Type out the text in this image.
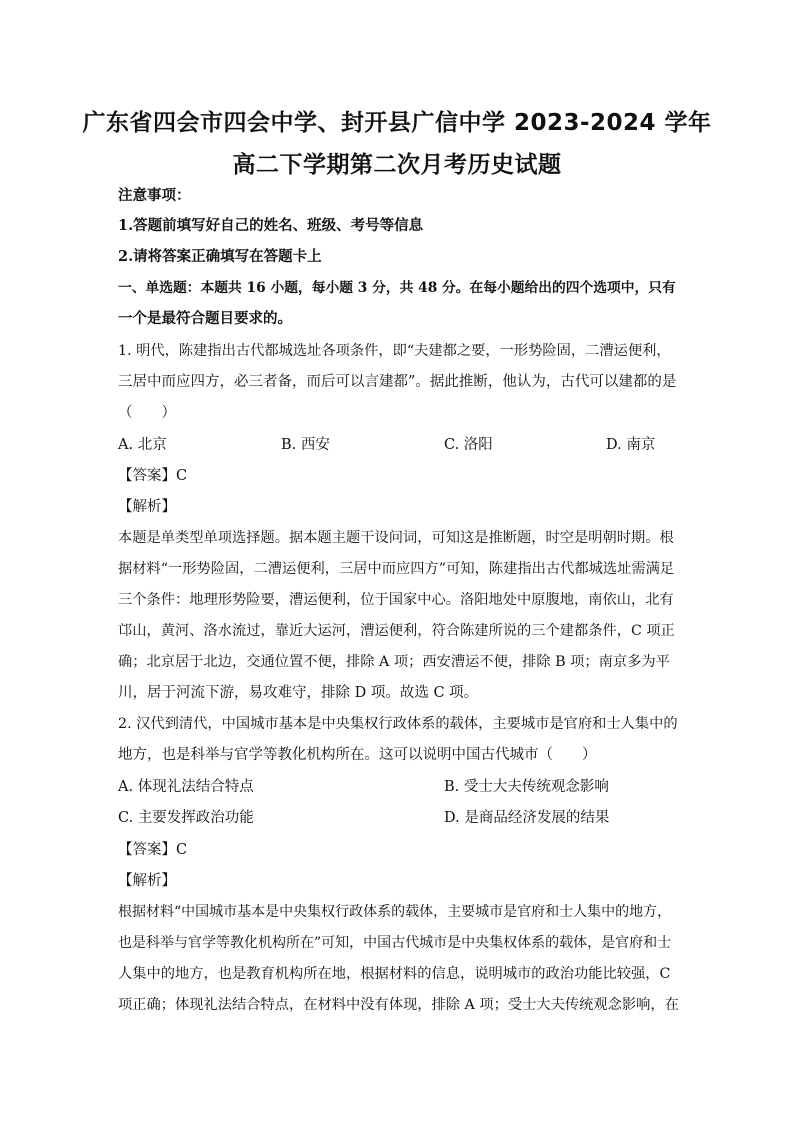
广东省四会市四会中学、封开县广信中学 2023-2024 学年
高二下学期第二次月考历史试题
注意事项：
1.答题前填写好自己的姓名、班级、考号等信息
2.请将答案正确填写在答题卡上
一、单选题：本题共 16 小题，每小题 3 分，共 48 分。在每小题给出的四个选项中，只有
一个是最符合题目要求的。
1. 明代，陈建指出古代都城选址各项条件，即“夫建都之要，一形势险固，二漕运便利，
三居中而应四方，必三者备，而后可以言建都”。据此推断，他认为，古代可以建都的是
（　　）
A. 北京	B. 西安	C. 洛阳	D. 南京
【答案】C
【解析】
本题是单类型单项选择题。据本题主题干设问词，可知这是推断题，时空是明朝时期。根
据材料“一形势险固，二漕运便利，三居中而应四方”可知，陈建指出古代都城选址需满足
三个条件：地理形势险要，漕运便利，位于国家中心。洛阳地处中原腹地，南依山，北有
邙山，黄河、洛水流过，靠近大运河，漕运便利，符合陈建所说的三个建都条件，C 项正
确；北京居于北边，交通位置不便，排除 A 项；西安漕运不便，排除 B 项；南京多为平
川，居于河流下游，易攻难守，排除 D 项。故选 C 项。
2. 汉代到清代，中国城市基本是中央集权行政体系的载体，主要城市是官府和士人集中的
地方，也是科举与官学等教化机构所在。这可以说明中国古代城市（　　）
A. 体现礼法结合特点	B. 受士大夫传统观念影响
C. 主要发挥政治功能	D. 是商品经济发展的结果
【答案】C
【解析】
根据材料“中国城市基本是中央集权行政体系的载体，主要城市是官府和士人集中的地方，
也是科举与官学等教化机构所在”可知，中国古代城市是中央集权体系的载体，是官府和士
人集中的地方，也是教育机构所在地，根据材料的信息，说明城市的政治功能比较强，C
项正确；体现礼法结合特点，在材料中没有体现，排除 A 项；受士大夫传统观念影响，在
